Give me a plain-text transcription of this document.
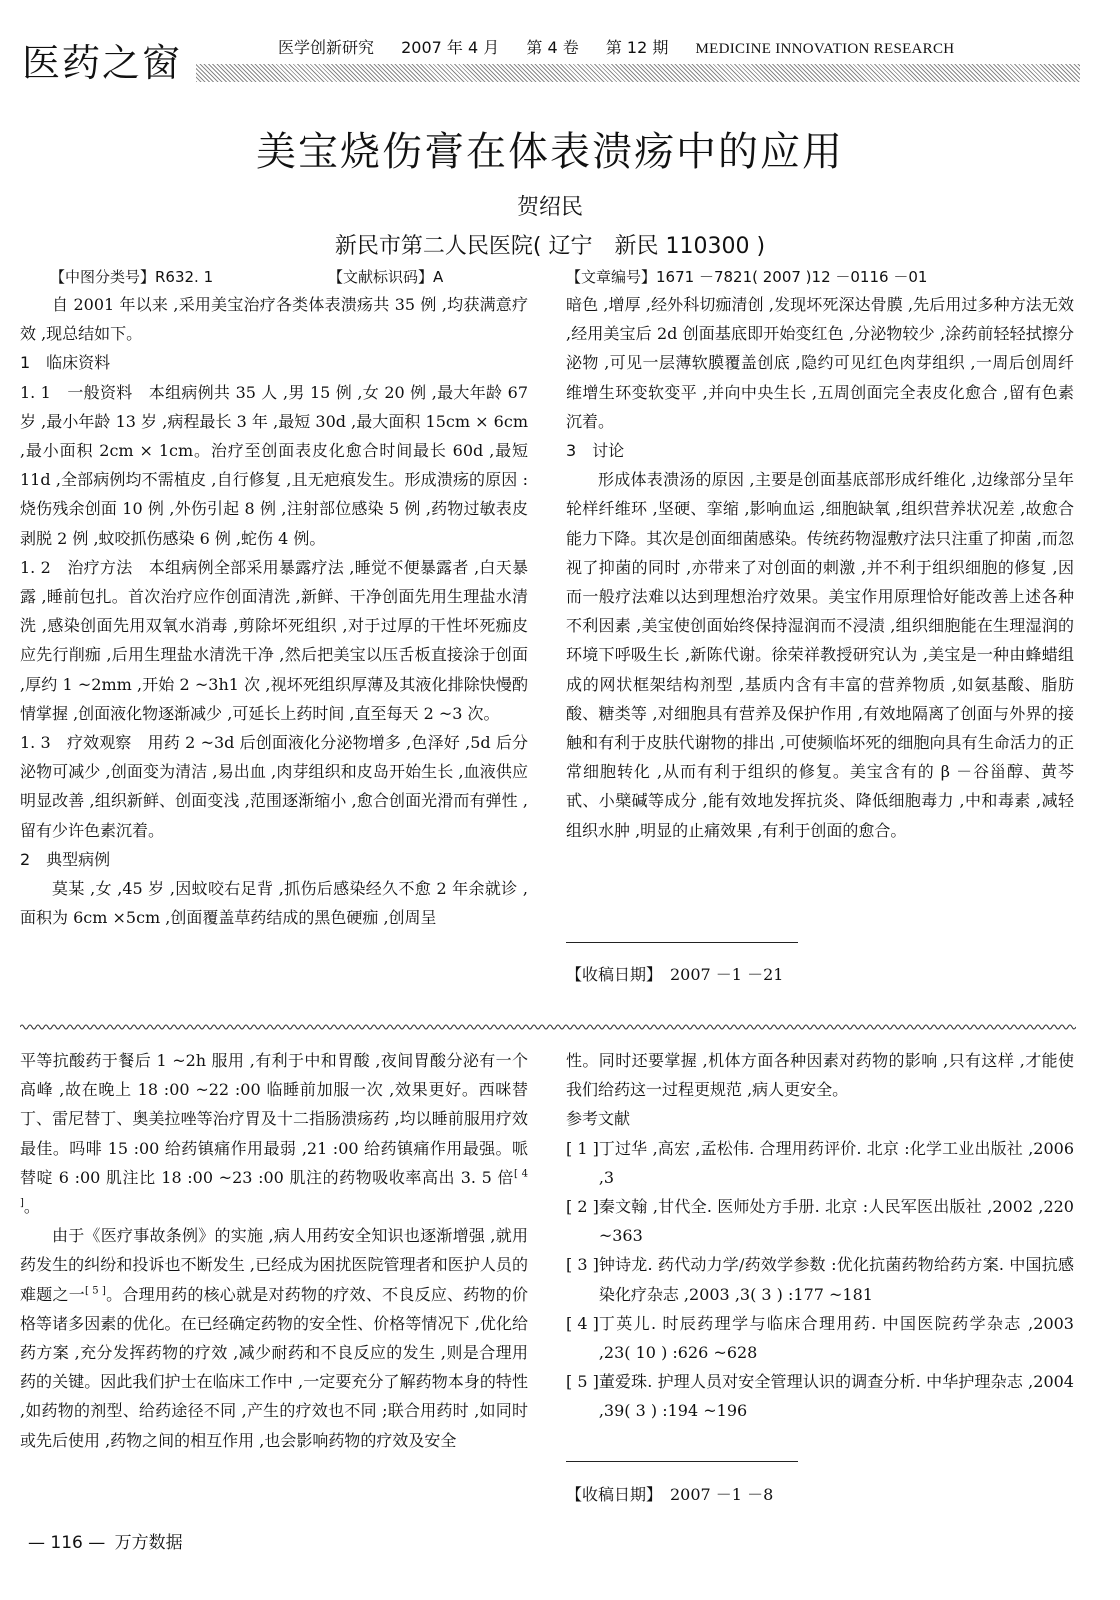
医药之窗	医学创新研究 2007 年 4 月 第 4 卷 第 12 期 MEDICINE INNOVATION RESEARCH
美宝烧伤膏在体表溃疡中的应用
贺绍民
新民市第二人民医院( 辽宁　新民 110300 )
【中图分类号】R632. 1	【文献标识码】A	【文章编号】1671 －7821( 2007 )12 －0116 －01

自 2001 年以来 ,采用美宝治疗各类体表溃疡共 35 例 ,均获满意疗效 ,现总结如下。

1　临床资料

1. 1　一般资料　本组病例共 35 人 ,男 15 例 ,女 20 例 ,最大年龄 67 岁 ,最小年龄 13 岁 ,病程最长 3 年 ,最短 30d ,最大面积 15cm × 6cm ,最小面积 2cm × 1cm。治疗至创面表皮化愈合时间最长 60d ,最短 11d ,全部病例均不需植皮 ,自行修复 ,且无疤痕发生。形成溃疡的原因 :烧伤残余创面 10 例 ,外伤引起 8 例 ,注射部位感染 5 例 ,药物过敏表皮剥脱 2 例 ,蚊咬抓伤感染 6 例 ,蛇伤 4 例。

1. 2　治疗方法　本组病例全部采用暴露疗法 ,睡觉不便暴露者 ,白天暴露 ,睡前包扎。首次治疗应作创面清洗 ,新鲜、干净创面先用生理盐水清洗 ,感染创面先用双氧水消毒 ,剪除坏死组织 ,对于过厚的干性坏死痂皮应先行削痂 ,后用生理盐水清洗干净 ,然后把美宝以压舌板直接涂于创面 ,厚约 1 ~2mm ,开始 2 ~3h1 次 ,视坏死组织厚薄及其液化排除快慢酌情掌握 ,创面液化物逐渐减少 ,可延长上药时间 ,直至每天 2 ~3 次。

1. 3　疗效观察　用药 2 ~3d 后创面液化分泌物增多 ,色泽好 ,5d 后分泌物可减少 ,创面变为清洁 ,易出血 ,肉芽组织和皮岛开始生长 ,血液供应明显改善 ,组织新鲜、创面变浅 ,范围逐渐缩小 ,愈合创面光滑而有弹性 ,留有少许色素沉着。

2　典型病例

莫某 ,女 ,45 岁 ,因蚊咬右足背 ,抓伤后感染经久不愈 2 年余就诊 ,面积为 6cm ×5cm ,创面覆盖草药结成的黑色硬痂 ,创周呈

暗色 ,增厚 ,经外科切痂清创 ,发现坏死深达骨膜 ,先后用过多种方法无效 ,经用美宝后 2d 创面基底即开始变红色 ,分泌物较少 ,涂药前轻轻拭擦分泌物 ,可见一层薄软膜覆盖创底 ,隐约可见红色肉芽组织 ,一周后创周纤维增生环变软变平 ,并向中央生长 ,五周创面完全表皮化愈合 ,留有色素沉着。

3　讨论

形成体表溃汤的原因 ,主要是创面基底部形成纤维化 ,边缘部分呈年轮样纤维环 ,坚硬、挛缩 ,影响血运 ,细胞缺氧 ,组织营养状况差 ,故愈合能力下降。其次是创面细菌感染。传统药物湿敷疗法只注重了抑菌 ,而忽视了抑菌的同时 ,亦带来了对创面的刺激 ,并不利于组织细胞的修复 ,因而一般疗法难以达到理想治疗效果。美宝作用原理恰好能改善上述各种不利因素 ,美宝使创面始终保持湿润而不浸渍 ,组织细胞能在生理湿润的环境下呼吸生长 ,新陈代谢。徐荣祥教授研究认为 ,美宝是一种由蜂蜡组成的网状框架结构剂型 ,基质内含有丰富的营养物质 ,如氨基酸、脂肪酸、糖类等 ,对细胞具有营养及保护作用 ,有效地隔离了创面与外界的接触和有利于皮肤代谢物的排出 ,可使频临坏死的细胞向具有生命活力的正常细胞转化 ,从而有利于组织的修复。美宝含有的 β －谷甾醇、黄芩甙、小檗碱等成分 ,能有效地发挥抗炎、降低细胞毒力 ,中和毒素 ,减轻组织水肿 ,明显的止痛效果 ,有利于创面的愈合。

【收稿日期】　2007 －1 －21

平等抗酸药于餐后 1 ~2h 服用 ,有利于中和胃酸 ,夜间胃酸分泌有一个高峰 ,故在晚上 18 :00 ~22 :00 临睡前加服一次 ,效果更好。西咪替丁、雷尼替丁、奥美拉唑等治疗胃及十二指肠溃疡药 ,均以睡前服用疗效最佳。吗啡 15 :00 给药镇痛作用最弱 ,21 :00 给药镇痛作用最强。哌替啶 6 :00 肌注比 18 :00 ~23 :00 肌注的药物吸收率高出 3. 5 倍[ 4 ]。

由于《医疗事故条例》的实施 ,病人用药安全知识也逐渐增强 ,就用药发生的纠纷和投诉也不断发生 ,已经成为困扰医院管理者和医护人员的难题之一[ 5 ]。合理用药的核心就是对药物的疗效、不良反应、药物的价格等诸多因素的优化。在已经确定药物的安全性、价格等情况下 ,优化给药方案 ,充分发挥药物的疗效 ,减少耐药和不良反应的发生 ,则是合理用药的关键。因此我们护士在临床工作中 ,一定要充分了解药物本身的特性 ,如药物的剂型、给药途径不同 ,产生的疗效也不同 ;联合用药时 ,如同时或先后使用 ,药物之间的相互作用 ,也会影响药物的疗效及安全

性。同时还要掌握 ,机体方面各种因素对药物的影响 ,只有这样 ,才能使我们给药这一过程更规范 ,病人更安全。

参考文献

[ 1 ] 丁过华 ,高宏 ,孟松伟. 合理用药评价. 北京 :化学工业出版社 ,2006 ,3
[ 2 ] 秦文翰 ,甘代全. 医师处方手册. 北京 :人民军医出版社 ,2002 ,220 ~363
[ 3 ] 钟诗龙. 药代动力学/药效学参数 :优化抗菌药物给药方案. 中国抗感染化疗杂志 ,2003 ,3( 3 ) :177 ~181
[ 4 ] 丁英儿. 时辰药理学与临床合理用药. 中国医院药学杂志 ,2003 ,23( 10 ) :626 ~628
[ 5 ] 董爱珠. 护理人员对安全管理认识的调查分析. 中华护理杂志 ,2004 ,39( 3 ) :194 ~196
【收稿日期】　2007 －1 －8
— 116 — 万方数据
